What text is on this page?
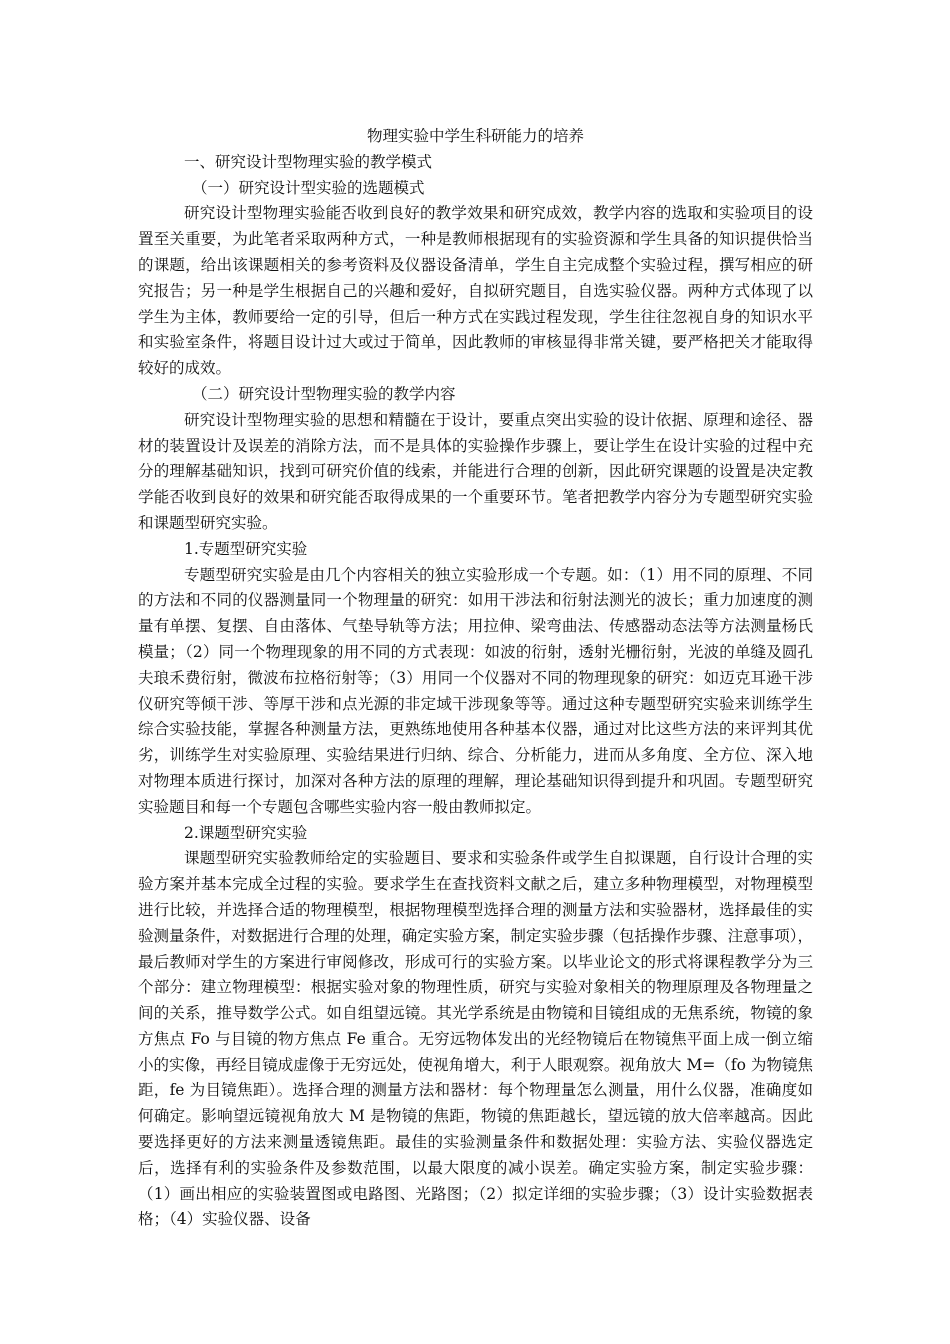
物理实验中学生科研能力的培养

一、研究设计型物理实验的教学模式

（一）研究设计型实验的选题模式

研究设计型物理实验能否收到良好的教学效果和研究成效，教学内容的选取和实验项目的设置至关重要，为此笔者采取两种方式，一种是教师根据现有的实验资源和学生具备的知识提供恰当的课题，给出该课题相关的参考资料及仪器设备清单，学生自主完成整个实验过程，撰写相应的研究报告；另一种是学生根据自己的兴趣和爱好，自拟研究题目，自选实验仪器。两种方式体现了以学生为主体，教师要给一定的引导，但后一种方式在实践过程发现，学生往往忽视自身的知识水平和实验室条件，将题目设计过大或过于简单，因此教师的审核显得非常关键，要严格把关才能取得较好的成效。

（二）研究设计型物理实验的教学内容

研究设计型物理实验的思想和精髓在于设计，要重点突出实验的设计依据、原理和途径、器材的装置设计及误差的消除方法，而不是具体的实验操作步骤上，要让学生在设计实验的过程中充分的理解基础知识，找到可研究价值的线索，并能进行合理的创新，因此研究课题的设置是决定教学能否收到良好的效果和研究能否取得成果的一个重要环节。笔者把教学内容分为专题型研究实验和课题型研究实验。

1.专题型研究实验

专题型研究实验是由几个内容相关的独立实验形成一个专题。如：（1）用不同的原理、不同的方法和不同的仪器测量同一个物理量的研究：如用干涉法和衍射法测光的波长；重力加速度的测量有单摆、复摆、自由落体、气垫导轨等方法；用拉伸、梁弯曲法、传感器动态法等方法测量杨氏模量；（2）同一个物理现象的用不同的方式表现：如波的衍射，透射光栅衍射，光波的单缝及圆孔夫琅禾费衍射，微波布拉格衍射等；（3）用同一个仪器对不同的物理现象的研究：如迈克耳逊干涉仪研究等倾干涉、等厚干涉和点光源的非定域干涉现象等等。通过这种专题型研究实验来训练学生综合实验技能，掌握各种测量方法，更熟练地使用各种基本仪器，通过对比这些方法的来评判其优劣，训练学生对实验原理、实验结果进行归纳、综合、分析能力，进而从多角度、全方位、深入地对物理本质进行探讨，加深对各种方法的原理的理解，理论基础知识得到提升和巩固。专题型研究实验题目和每一个专题包含哪些实验内容一般由教师拟定。

2.课题型研究实验

课题型研究实验教师给定的实验题目、要求和实验条件或学生自拟课题，自行设计合理的实验方案并基本完成全过程的实验。要求学生在查找资料文献之后，建立多种物理模型，对物理模型进行比较，并选择合适的物理模型，根据物理模型选择合理的测量方法和实验器材，选择最佳的实验测量条件，对数据进行合理的处理，确定实验方案，制定实验步骤（包括操作步骤、注意事项），最后教师对学生的方案进行审阅修改，形成可行的实验方案。以毕业论文的形式将课程教学分为三个部分：建立物理模型：根据实验对象的物理性质，研究与实验对象相关的物理原理及各物理量之间的关系，推导数学公式。如自组望远镜。其光学系统是由物镜和目镜组成的无焦系统，物镜的象方焦点 Fo 与目镜的物方焦点 Fe 重合。无穷远物体发出的光经物镜后在物镜焦平面上成一倒立缩小的实像，再经目镜成虚像于无穷远处，使视角增大，利于人眼观察。视角放大 M=（fo 为物镜焦距，fe 为目镜焦距）。选择合理的测量方法和器材：每个物理量怎么测量，用什么仪器，准确度如何确定。影响望远镜视角放大 M 是物镜的焦距，物镜的焦距越长，望远镜的放大倍率越高。因此要选择更好的方法来测量透镜焦距。最佳的实验测量条件和数据处理：实验方法、实验仪器选定后，选择有利的实验条件及参数范围，以最大限度的减小误差。确定实验方案，制定实验步骤：（1）画出相应的实验装置图或电路图、光路图；（2）拟定详细的实验步骤；（3）设计实验数据表格；（4）实验仪器、设备
